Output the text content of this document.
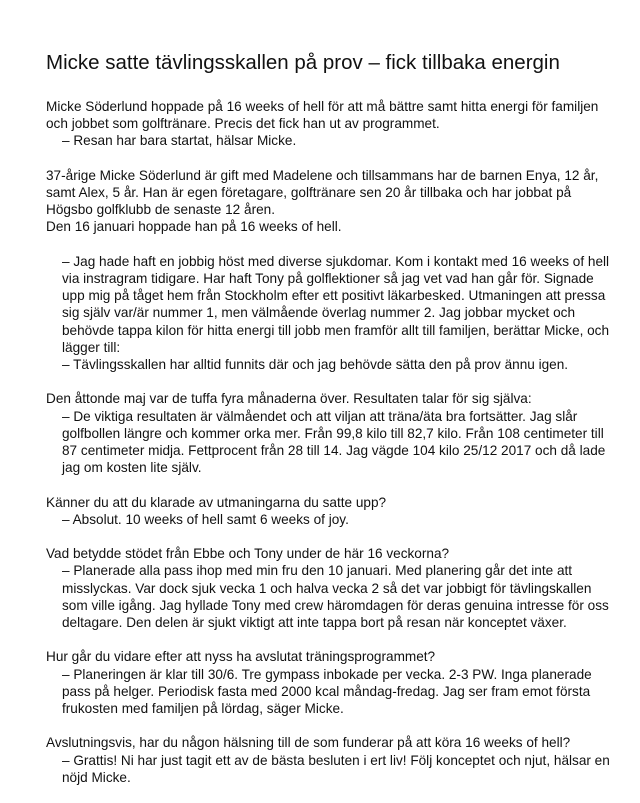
Micke satte tävlingsskallen på prov – fick tillbaka energin
Micke Söderlund hoppade på 16 weeks of hell för att må bättre samt hitta energi för familjen och jobbet som golftränare. Precis det fick han ut av programmet.
– Resan har bara startat, hälsar Micke.
37-årige Micke Söderlund är gift med Madelene och tillsammans har de barnen Enya, 12 år, samt Alex, 5 år. Han är egen företagare, golftränare sen 20 år tillbaka och har jobbat på Högsbo golfklubb de senaste 12 åren.
Den 16 januari hoppade han på 16 weeks of hell.
– Jag hade haft en jobbig höst med diverse sjukdomar. Kom i kontakt med 16 weeks of hell via instragram tidigare. Har haft Tony på golflektioner så jag vet vad han går för. Signade upp mig på tåget hem från Stockholm efter ett positivt läkarbesked. Utmaningen att pressa sig själv var/är nummer 1, men välmående överlag nummer 2. Jag jobbar mycket och behövde tappa kilon för hitta energi till jobb men framför allt till familjen, berättar Micke, och lägger till:
– Tävlingsskallen har alltid funnits där och jag behövde sätta den på prov ännu igen.
Den åttonde maj var de tuffa fyra månaderna över. Resultaten talar för sig själva:
– De viktiga resultaten är välmåendet och att viljan att träna/äta bra fortsätter. Jag slår golfbollen längre och kommer orka mer. Från 99,8 kilo till 82,7 kilo. Från 108 centimeter till 87 centimeter midja. Fettprocent från 28 till 14. Jag vägde 104 kilo 25/12 2017 och då lade jag om kosten lite själv.
Känner du att du klarade av utmaningarna du satte upp?
– Absolut. 10 weeks of hell samt 6 weeks of joy.
Vad betydde stödet från Ebbe och Tony under de här 16 veckorna?
– Planerade alla pass ihop med min fru den 10 januari. Med planering går det inte att misslyckas. Var dock sjuk vecka 1 och halva vecka 2 så det var jobbigt för tävlingskallen som ville igång. Jag hyllade Tony med crew häromdagen för deras genuina intresse för oss deltagare. Den delen är sjukt viktigt att inte tappa bort på resan när konceptet växer.
Hur går du vidare efter att nyss ha avslutat träningsprogrammet?
– Planeringen är klar till 30/6. Tre gympass inbokade per vecka. 2-3 PW. Inga planerade pass på helger. Periodisk fasta med 2000 kcal måndag-fredag. Jag ser fram emot första frukosten med familjen på lördag, säger Micke.
Avslutningsvis, har du någon hälsning till de som funderar på att köra 16 weeks of hell?
– Grattis! Ni har just tagit ett av de bästa besluten i ert liv! Följ konceptet och njut, hälsar en nöjd Micke.
